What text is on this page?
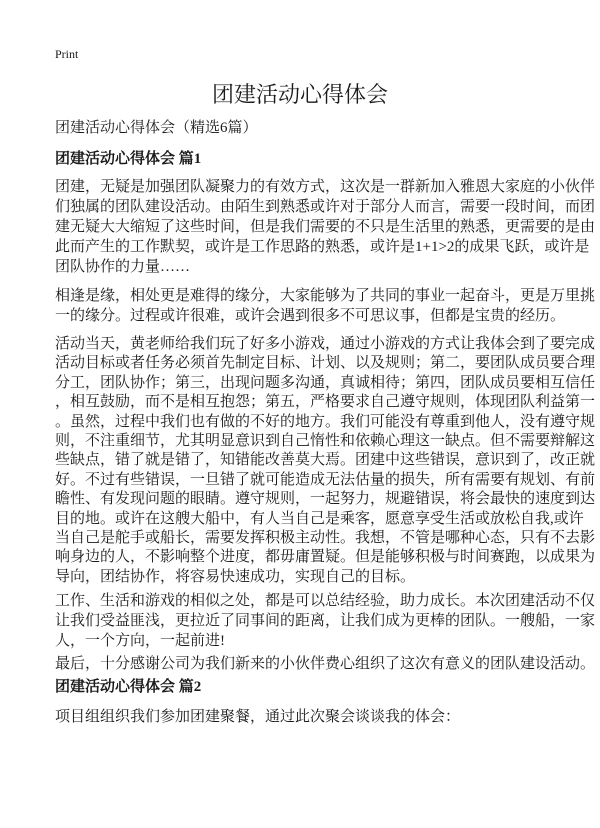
Print
团建活动心得体会
团建活动心得体会（精选6篇）
团建活动心得体会 篇1
团建，无疑是加强团队凝聚力的有效方式，这次是一群新加入雅恩大家庭的小伙伴
们独属的团队建设活动。由陌生到熟悉或许对于部分人而言，需要一段时间，而团
建无疑大大缩短了这些时间，但是我们需要的不只是生活里的熟悉，更需要的是由
此而产生的工作默契，或许是工作思路的熟悉，或许是1+1>2的成果飞跃，或许是
团队协作的力量……
相逢是缘，相处更是难得的缘分，大家能够为了共同的事业一起奋斗，更是万里挑
一的缘分。过程或许很难，或许会遇到很多不可思议事，但都是宝贵的经历。
活动当天，黄老师给我们玩了好多小游戏，通过小游戏的方式让我体会到了要完成
活动目标或者任务必须首先制定目标、计划、以及规则；第二，要团队成员要合理
分工，团队协作；第三，出现问题多沟通，真诚相待；第四，团队成员要相互信任
，相互鼓励，而不是相互抱怨；第五，严格要求自己遵守规则，体现团队利益第一
。虽然，过程中我们也有做的不好的地方。我们可能没有尊重到他人，没有遵守规
则，不注重细节，尤其明显意识到自己惰性和依赖心理这一缺点。但不需要辩解这
些缺点，错了就是错了，知错能改善莫大焉。团建中这些错误，意识到了，改正就
好。不过有些错误，一旦错了就可能造成无法估量的损失，所有需要有规划、有前
瞻性、有发现问题的眼睛。遵守规则，一起努力，规避错误，将会最快的速度到达
目的地。或许在这艘大船中，有人当自己是乘客，愿意享受生活或放松自我,或许
当自己是舵手或船长，需要发挥积极主动性。我想，不管是哪种心态，只有不去影
响身边的人，不影响整个进度，都毋庸置疑。但是能够积极与时间赛跑，以成果为
导向，团结协作，将容易快速成功，实现自己的目标。
工作、生活和游戏的相似之处，都是可以总结经验，助力成长。本次团建活动不仅
让我们受益匪浅，更拉近了同事间的距离，让我们成为更棒的团队。一艘船，一家
人，一个方向，一起前进!
最后，十分感谢公司为我们新来的小伙伴费心组织了这次有意义的团队建设活动。
团建活动心得体会 篇2
项目组组织我们参加团建聚餐，通过此次聚会谈谈我的体会：
